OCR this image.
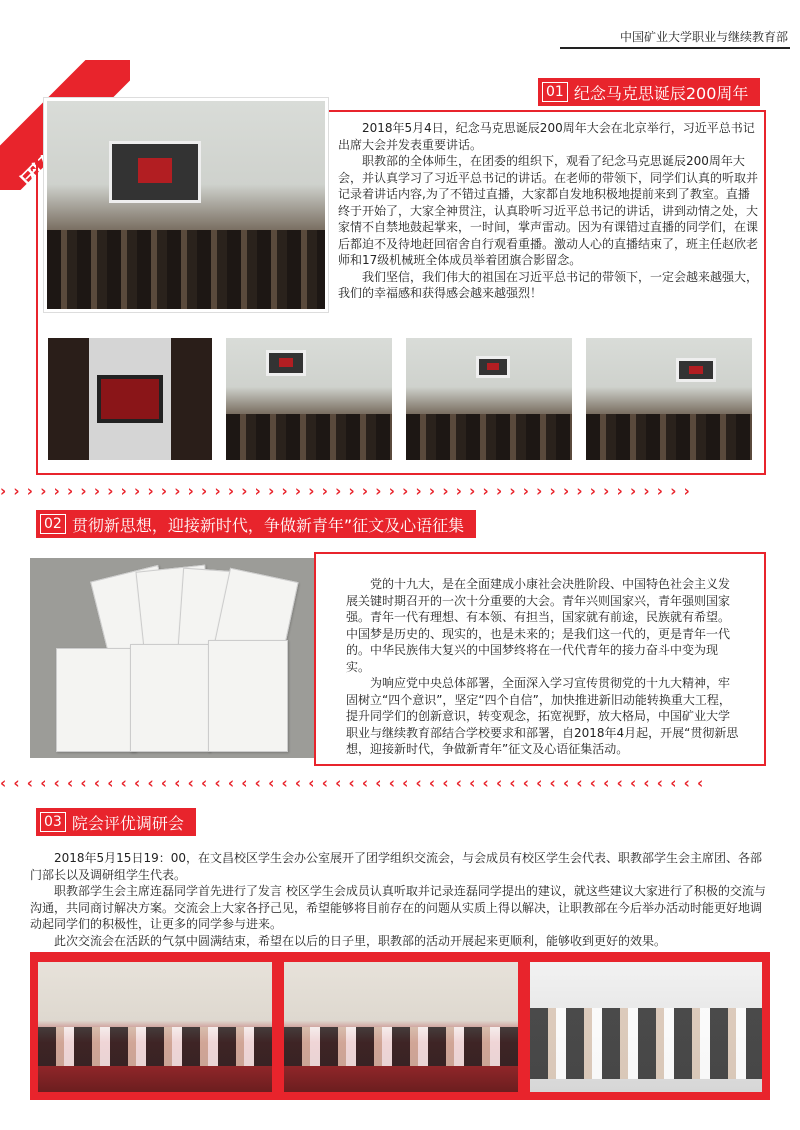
中国矿业大学职业与继续教育部
01 纪念马克思诞辰200周年

2018年5月4日，纪念马克思诞辰200周年大会在北京举行，习近平总书记出席大会并发表重要讲话。

职教部的全体师生，在团委的组织下，观看了纪念马克思诞辰200周年大会，并认真学习了习近平总书记的讲话。在老师的带领下，同学们认真的听取并记录着讲话内容,为了不错过直播，大家都自发地积极地提前来到了教室。直播终于开始了，大家全神贯注，认真聆听习近平总书记的讲话，讲到动情之处，大家情不自禁地鼓起掌来，一时间，掌声雷动。因为有课错过直播的同学们，在课后都迫不及待地赶回宿舍自行观看重播。激动人心的直播结束了，班主任赵欣老师和17级机械班全体成员举着团旗合影留念。

我们坚信，我们伟大的祖国在习近平总书记的带领下，一定会越来越强大，我们的幸福感和获得感会越来越强烈！

› › › › › › › › › › › › › › › › › › › › › › › › › › › › › › › › › › › › › › › › › › › › › › › › › › › ›
02 贯彻新思想，迎接新时代，争做新青年”征文及心语征集

党的十九大，是在全面建成小康社会决胜阶段、中国特色社会主义发展关键时期召开的一次十分重要的大会。青年兴则国家兴，青年强则国家强。青年一代有理想、有本领、有担当，国家就有前途，民族就有希望。中国梦是历史的、现实的，也是未来的；是我们这一代的，更是青年一代的。中华民族伟大复兴的中国梦终将在一代代青年的接力奋斗中变为现实。

为响应党中央总体部署，全面深入学习宣传贯彻党的十九大精神，牢固树立“四个意识”，坚定“四个自信”，加快推进新旧动能转换重大工程，提升同学们的创新意识，转变观念，拓宽视野，放大格局，中国矿业大学职业与继续教育部结合学校要求和部署，自2018年4月起，开展“贯彻新思想，迎接新时代，争做新青年”征文及心语征集活动。

‹ ‹ ‹ ‹ ‹ ‹ ‹ ‹ ‹ ‹ ‹ ‹ ‹ ‹ ‹ ‹ ‹ ‹ ‹ ‹ ‹ ‹ ‹ ‹ ‹ ‹ ‹ ‹ ‹ ‹ ‹ ‹ ‹ ‹ ‹ ‹ ‹ ‹ ‹ ‹ ‹ ‹ ‹ ‹ ‹ ‹ ‹ ‹ ‹ ‹ ‹ ‹ ‹
03 院会评优调研会

2018年5月15日19：00，在文昌校区学生会办公室展开了团学组织交流会，与会成员有校区学生会代表、职教部学生会主席团、各部门部长以及调研组学生代表。

职教部学生会主席连磊同学首先进行了发言 校区学生会成员认真听取并记录连磊同学提出的建议，就这些建议大家进行了积极的交流与沟通，共同商讨解决方案。交流会上大家各抒己见，希望能够将目前存在的问题从实质上得以解决，让职教部在今后举办活动时能更好地调动起同学们的积极性，让更多的同学参与进来。

此次交流会在活跃的气氛中圆满结束，希望在以后的日子里，职教部的活动开展起来更顺利，能够收到更好的效果。
